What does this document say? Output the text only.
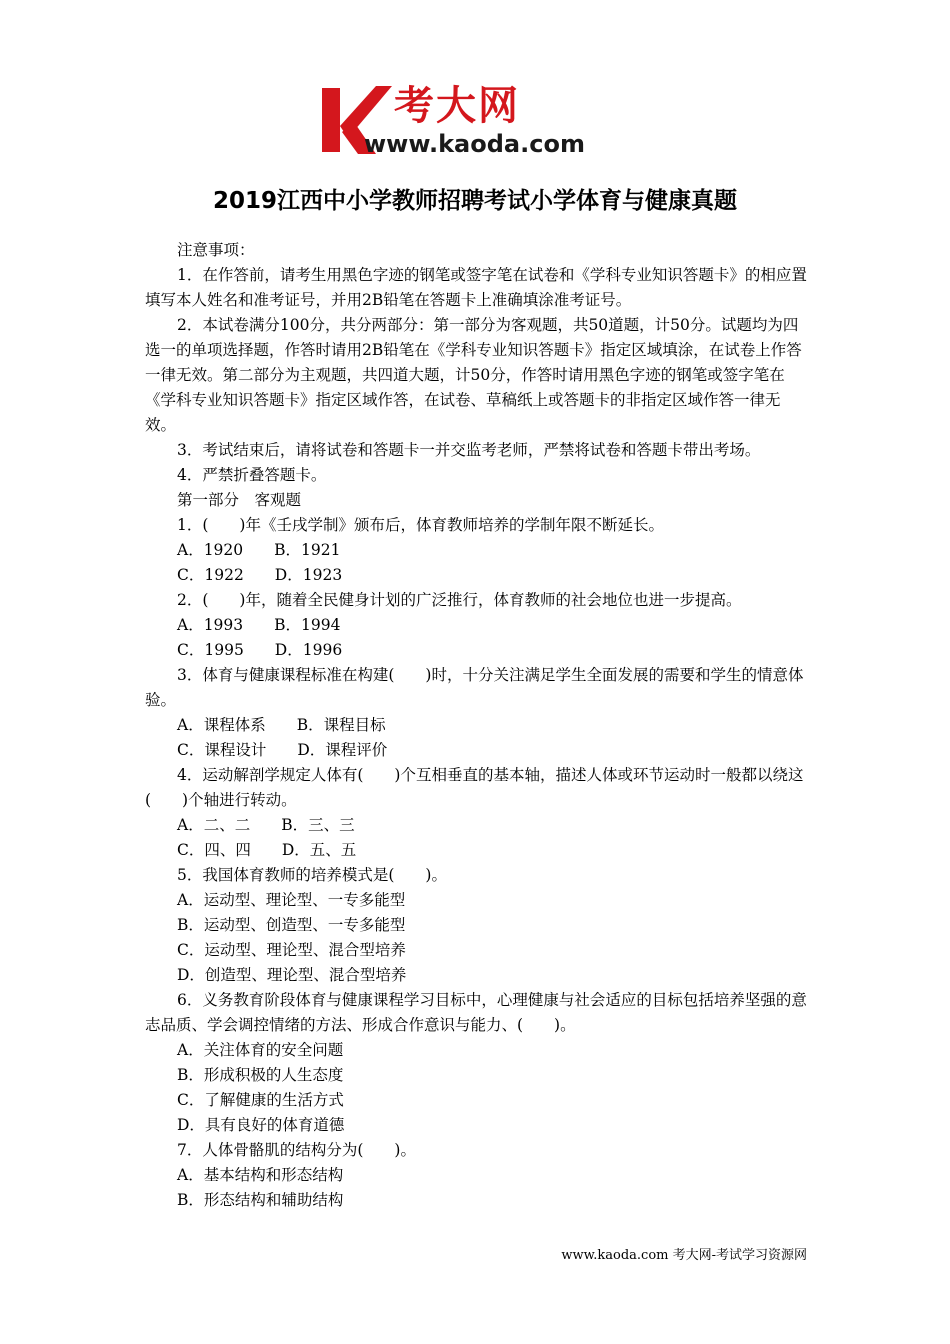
考大网
www.kaoda.com
2019江西中小学教师招聘考试小学体育与健康真题

注意事项：

1．在作答前，请考生用黑色字迹的钢笔或签字笔在试卷和《学科专业知识答题卡》的相应置填写本人姓名和准考证号，并用2B铅笔在答题卡上准确填涂准考证号。

2．本试卷满分100分，共分两部分：第一部分为客观题，共50道题，计50分。试题均为四选一的单项选择题，作答时请用2B铅笔在《学科专业知识答题卡》指定区域填涂，在试卷上作答一律无效。第二部分为主观题，共四道大题，计50分，作答时请用黑色字迹的钢笔或签字笔在《学科专业知识答题卡》指定区域作答，在试卷、草稿纸上或答题卡的非指定区域作答一律无效。

3．考试结束后，请将试卷和答题卡一并交监考老师，严禁将试卷和答题卡带出考场。

4．严禁折叠答题卡。

第一部分　客观题

1．(　　)年《壬戌学制》颁布后，体育教师培养的学制年限不断延长。

A．1920　　B．1921

C．1922　　D．1923

2．(　　)年，随着全民健身计划的广泛推行，体育教师的社会地位也进一步提高。

A．1993　　B．1994

C．1995　　D．1996

3．体育与健康课程标准在构建(　　)时，十分关注满足学生全面发展的需要和学生的情意体验。

A．课程体系　　B．课程目标

C．课程设计　　D．课程评价

4．运动解剖学规定人体有(　　)个互相垂直的基本轴，描述人体或环节运动时一般都以绕这(　　)个轴进行转动。

A．二、二　　B．三、三

C．四、四　　D．五、五

5．我国体育教师的培养模式是(　　)。

A．运动型、理论型、一专多能型

B．运动型、创造型、一专多能型

C．运动型、理论型、混合型培养

D．创造型、理论型、混合型培养

6．义务教育阶段体育与健康课程学习目标中，心理健康与社会适应的目标包括培养坚强的意志品质、学会调控情绪的方法、形成合作意识与能力、(　　)。

A．关注体育的安全问题

B．形成积极的人生态度

C．了解健康的生活方式

D．具有良好的体育道德

7．人体骨骼肌的结构分为(　　)。

A．基本结构和形态结构

B．形态结构和辅助结构

www.kaoda.com 考大网-考试学习资源网
